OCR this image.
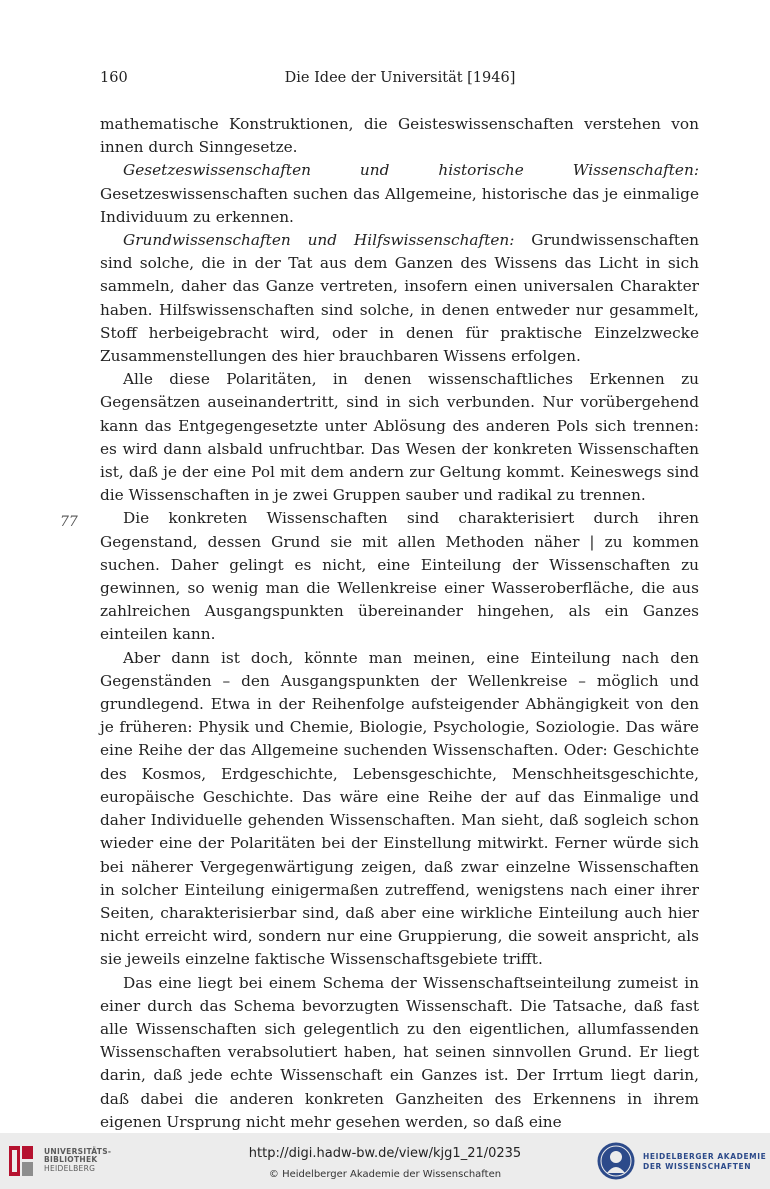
160	Die Idee der Universität [1946]
77

mathematische Konstruktionen, die Geisteswissenschaften verstehen von innen durch Sinngesetze.

Gesetzeswissenschaften und historische Wissenschaften: Gesetzeswissenschaften suchen das Allgemeine, historische das je einmalige Individuum zu erkennen.

Grundwissenschaften und Hilfswissenschaften: Grundwissenschaften sind solche, die in der Tat aus dem Ganzen des Wissens das Licht in sich sammeln, daher das Ganze vertreten, insofern einen universalen Charakter haben. Hilfswissenschaften sind solche, in denen entweder nur gesammelt, Stoff herbeigebracht wird, oder in denen für praktische Einzelzwecke Zusammenstellungen des hier brauchbaren Wissens erfolgen.

Alle diese Polaritäten, in denen wissenschaftliches Erkennen zu Gegensätzen auseinandertritt, sind in sich verbunden. Nur vorübergehend kann das Entgegengesetzte unter Ablösung des anderen Pols sich trennen: es wird dann alsbald unfruchtbar. Das Wesen der konkreten Wissenschaften ist, daß je der eine Pol mit dem andern zur Geltung kommt. Keineswegs sind die Wissenschaften in je zwei Gruppen sauber und radikal zu trennen.

Die konkreten Wissenschaften sind charakterisiert durch ihren Gegenstand, dessen Grund sie mit allen Methoden näher | zu kommen suchen. Daher gelingt es nicht, eine Einteilung der Wissenschaften zu gewinnen, so wenig man die Wellenkreise einer Wasseroberfläche, die aus zahlreichen Ausgangspunkten übereinander hingehen, als ein Ganzes einteilen kann.

Aber dann ist doch, könnte man meinen, eine Einteilung nach den Gegenständen – den Ausgangspunkten der Wellenkreise – möglich und grundlegend. Etwa in der Reihenfolge aufsteigender Abhängigkeit von den je früheren: Physik und Chemie, Biologie, Psychologie, Soziologie. Das wäre eine Reihe der das Allgemeine suchenden Wissenschaften. Oder: Geschichte des Kosmos, Erdgeschichte, Lebensgeschichte, Menschheitsgeschichte, europäische Geschichte. Das wäre eine Reihe der auf das Einmalige und daher Individuelle gehenden Wissenschaften. Man sieht, daß sogleich schon wieder eine der Polaritäten bei der Einstellung mitwirkt. Ferner würde sich bei näherer Vergegenwärtigung zeigen, daß zwar einzelne Wissenschaften in solcher Einteilung einigermaßen zutreffend, wenigstens nach einer ihrer Seiten, charakterisierbar sind, daß aber eine wirkliche Einteilung auch hier nicht erreicht wird, sondern nur eine Gruppierung, die soweit anspricht, als sie jeweils einzelne faktische Wissenschaftsgebiete trifft.

Das eine liegt bei einem Schema der Wissenschaftseinteilung zumeist in einer durch das Schema bevorzugten Wissenschaft. Die Tatsache, daß fast alle Wissenschaften sich gelegentlich zu den eigentlichen, allumfassenden Wissenschaften verabsolutiert haben, hat seinen sinnvollen Grund. Er liegt darin, daß jede echte Wissenschaft ein Ganzes ist. Der Irrtum liegt darin, daß dabei die anderen konkreten Ganzheiten des Erkennens in ihrem eigenen Ursprung nicht mehr gesehen werden, so daß eine

UNIVERSITÄTS-
BIBLIOTHEK
HEIDELBERG
http://digi.hadw-bw.de/view/kjg1_21/0235
© Heidelberger Akademie der Wissenschaften
HEIDELBERGER AKADEMIE
DER WISSENSCHAFTEN
